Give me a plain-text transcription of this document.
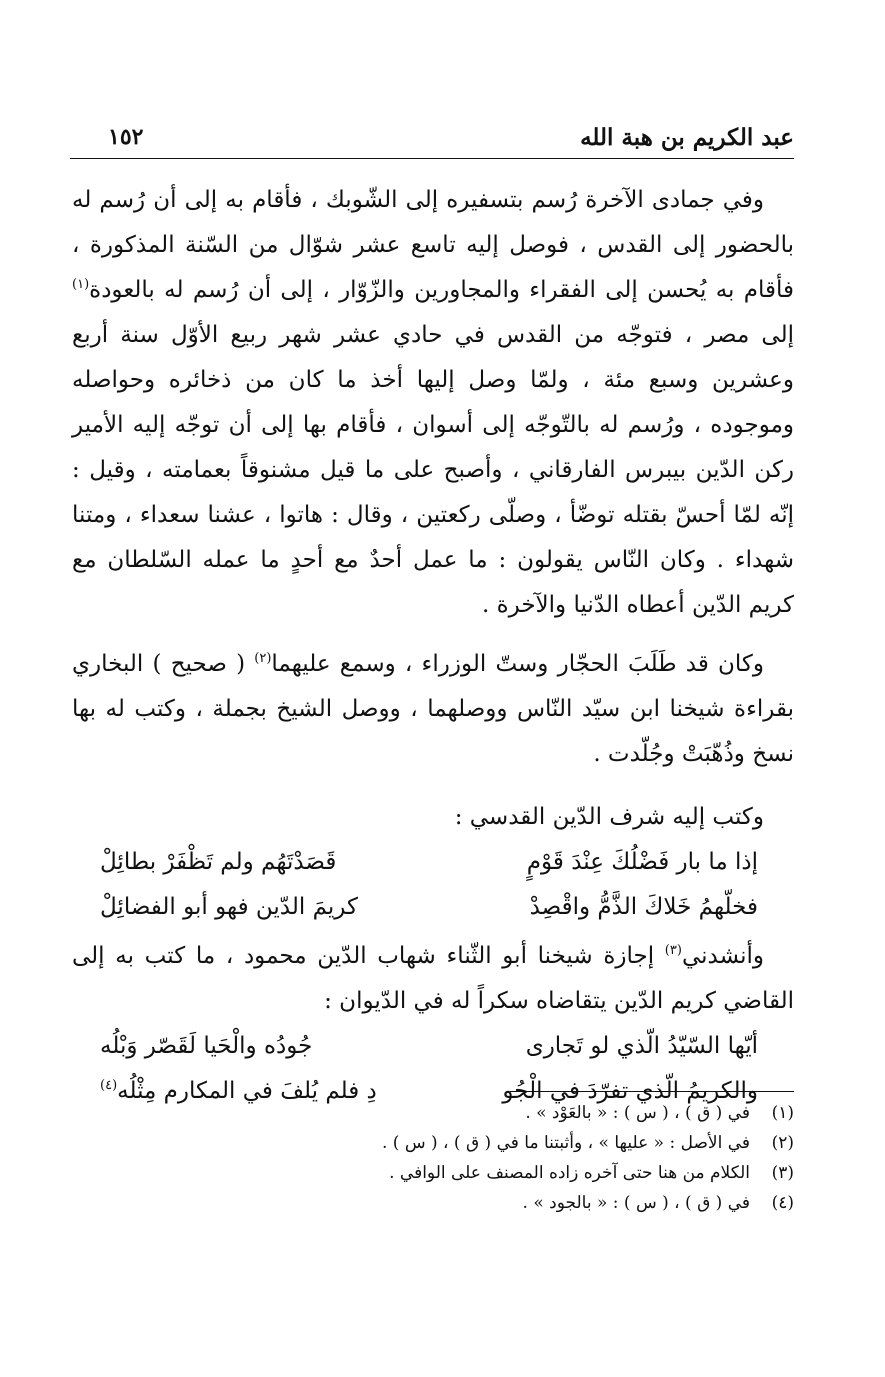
عبد الكريم بن هبة الله
١٥٢

وفي جمادى الآخرة رُسم بتسفيره إلى الشّوبك ، فأقام به إلى أن رُسم له بالحضور إلى القدس ، فوصل إليه تاسع عشر شوّال من السّنة المذكورة ، فأقام به يُحسن إلى الفقراء والمجاورين والزّوّار ، إلى أن رُسم له بالعودة$^{(١)}$ إلى مصر ، فتوجّه من القدس في حادي عشر شهر ربيع الأوّل سنة أربع وعشرين وسبع مئة ، ولمّا وصل إليها أخذ ما كان من ذخائره وحواصله وموجوده ، ورُسم له بالتّوجّه إلى أسوان ، فأقام بها إلى أن توجّه إليه الأمير ركن الدّين بيبرس الفارقاني ، وأصبح على ما قيل مشنوقاً بعمامته ، وقيل : إنّه لمّا أحسّ بقتله توضّأ ، وصلّى ركعتين ، وقال : هاتوا ، عشنا سعداء ، ومتنا شهداء . وكان النّاس يقولون : ما عمل أحدٌ مع أحدٍ ما عمله السّلطان مع كريم الدّين أعطاه الدّنيا والآخرة .

وكان قد طَلَبَ الحجّار وستّ الوزراء ، وسمع عليهما$^{(٢)}$ ( صحيح ) البخاري بقراءة شيخنا ابن سيّد النّاس ووصلهما ، ووصل الشيخ بجملة ، وكتب له بها نسخ وذُهّبَتْ وجُلّدت .

وكتب إليه شرف الدّين القدسي :

إذا ما بار فَضْلُكَ عِنْدَ قَوْمٍ
قَصَدْتَهُم ولم تَظْفَرْ بطائِلْ
فخلّهمُ خَلاكَ الذَّمُّ واقْصِدْ
كريمَ الدّين فهو أبو الفضائِلْ

وأنشدني$^{(٣)}$ إجازة شيخنا أبو الثّناء شهاب الدّين محمود ، ما كتب به إلى القاضي كريم الدّين يتقاضاه سكراً له في الدّيوان :

أيّها السّيّدُ الّذي لو تَجارى
جُودُه والْحَيا لَقَصّر وَبْلُه
والكريمُ الّذي تفرّدَ في الْجُو
دِ فلم يُلفَ في المكارم مِثْلُه$^{(٤)}$
(١)
في ( ق ) ، ( س ) : « بالعَوْد » .
(٢)
في الأصل : « عليها » ، وأثبتنا ما في ( ق ) ، ( س ) .
(٣)
الكلام من هنا حتى آخره زاده المصنف على الوافي .
(٤)
في ( ق ) ، ( س ) : « بالجود » .
